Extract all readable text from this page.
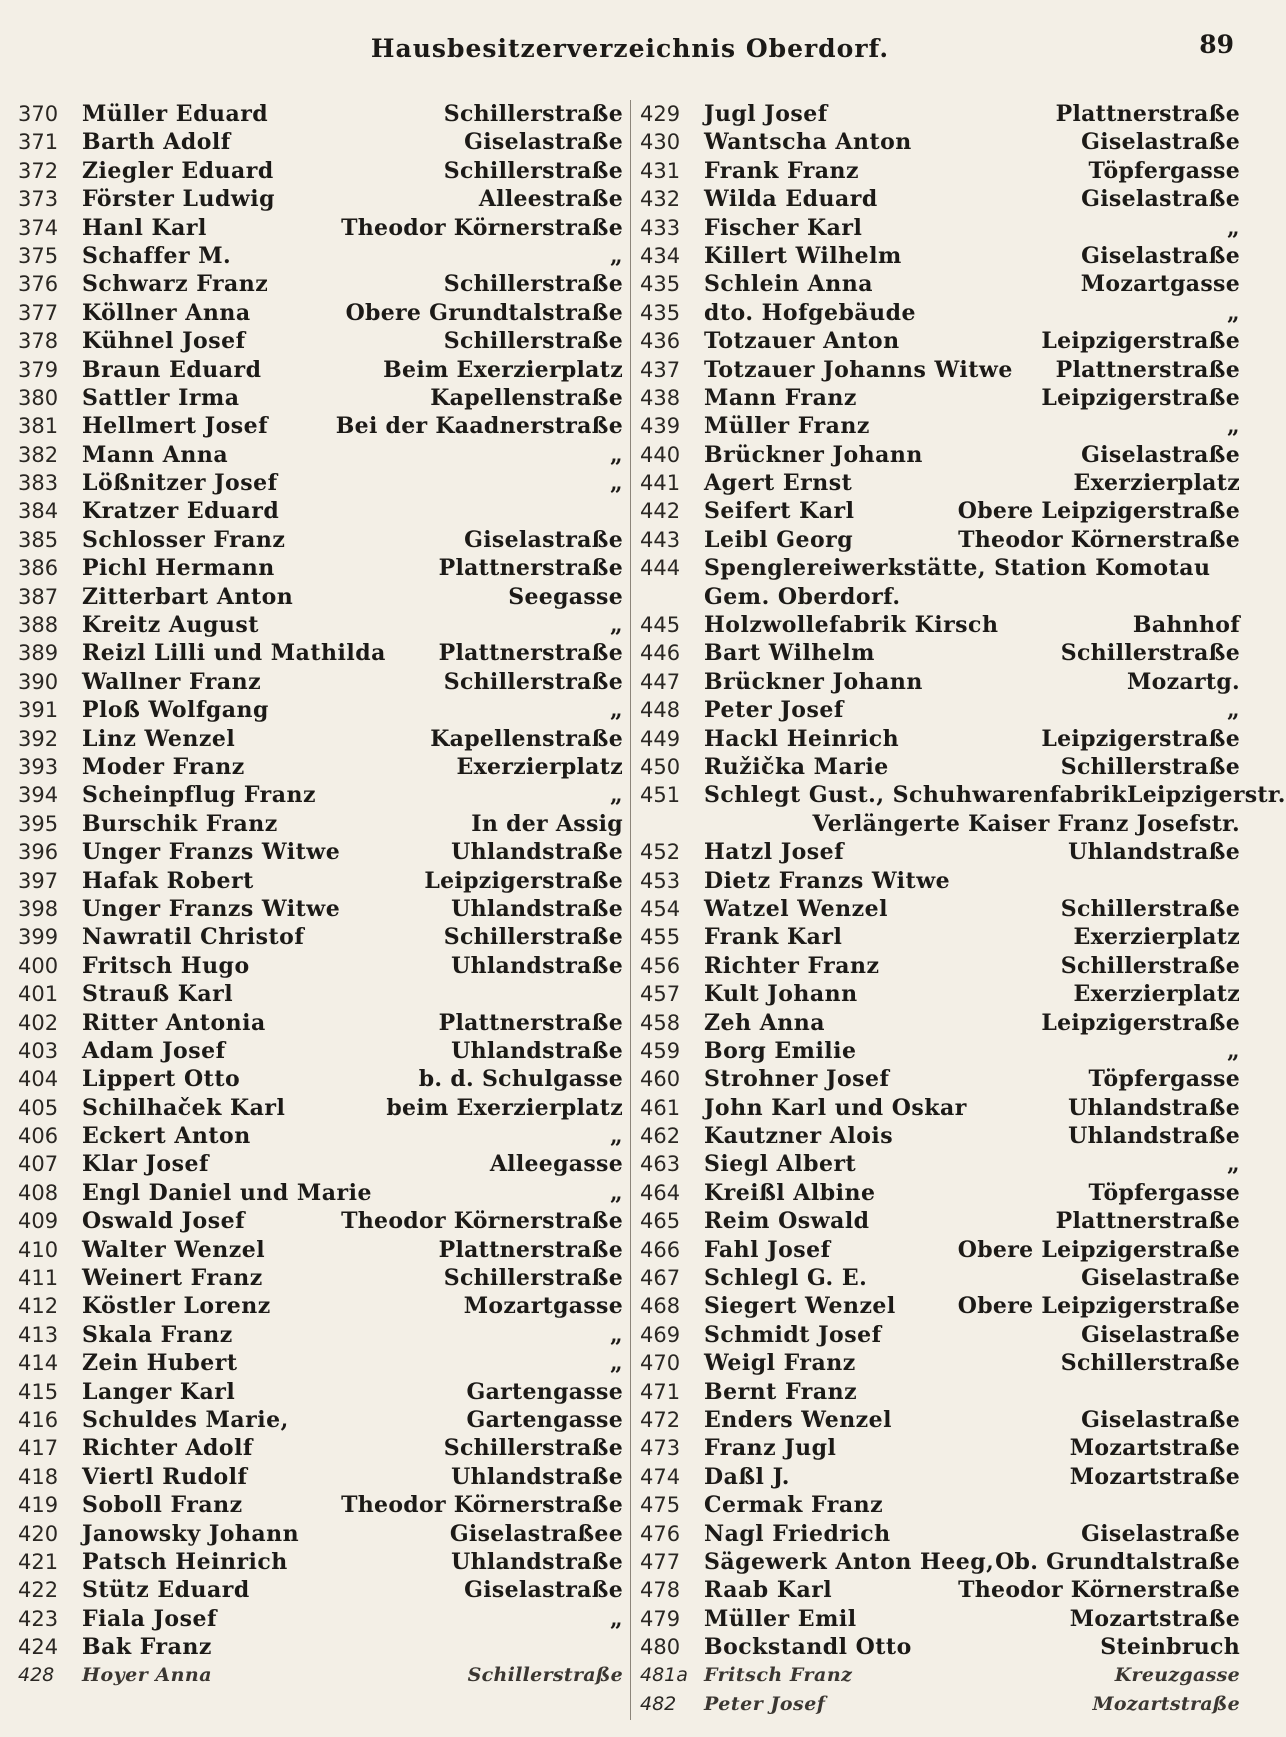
Hausbesitzerverzeichnis Oberdorf.	89
370	Müller Eduard	Schillerstraße
371	Barth Adolf	Giselastraße
372	Ziegler Eduard	Schillerstraße
373	Förster Ludwig	Alleestraße
374	Hanl Karl	Theodor Körnerstraße
375	Schaffer M.	„
376	Schwarz Franz	Schillerstraße
377	Köllner Anna	Obere Grundtalstraße
378	Kühnel Josef	Schillerstraße
379	Braun Eduard	Beim Exerzierplatz
380	Sattler Irma	Kapellenstraße
381	Hellmert Josef	Bei der Kaadnerstraße
382	Mann Anna	„
383	Lößnitzer Josef	„
384	Kratzer Eduard
385	Schlosser Franz	Giselastraße
386	Pichl Hermann	Plattnerstraße
387	Zitterbart Anton	Seegasse
388	Kreitz August	„
389	Reizl Lilli und Mathilda	Plattnerstraße
390	Wallner Franz	Schillerstraße
391	Ploß Wolfgang	„
392	Linz Wenzel	Kapellenstraße
393	Moder Franz	Exerzierplatz
394	Scheinpflug Franz	„
395	Burschik Franz	In der Assig
396	Unger Franzs Witwe	Uhlandstraße
397	Hafak Robert	Leipzigerstraße
398	Unger Franzs Witwe	Uhlandstraße
399	Nawratil Christof	Schillerstraße
400	Fritsch Hugo	Uhlandstraße
401	Strauß Karl
402	Ritter Antonia	Plattnerstraße
403	Adam Josef	Uhlandstraße
404	Lippert Otto	b. d. Schulgasse
405	Schilhaček Karl	beim Exerzierplatz
406	Eckert Anton	„
407	Klar Josef	Alleegasse
408	Engl Daniel und Marie	„
409	Oswald Josef	Theodor Körnerstraße
410	Walter Wenzel	Plattnerstraße
411	Weinert Franz	Schillerstraße
412	Köstler Lorenz	Mozartgasse
413	Skala Franz	„
414	Zein Hubert	„
415	Langer Karl	Gartengasse
416	Schuldes Marie,	Gartengasse
417	Richter Adolf	Schillerstraße
418	Viertl Rudolf	Uhlandstraße
419	Soboll Franz	Theodor Körnerstraße
420	Janowsky Johann	Giselastraßee
421	Patsch Heinrich	Uhlandstraße
422	Stütz Eduard	Giselastraße
423	Fiala Josef	„
424	Bak Franz
428	Hoyer Anna	Schillerstraße
429	Jugl Josef	Plattnerstraße
430	Wantscha Anton	Giselastraße
431	Frank Franz	Töpfergasse
432	Wilda Eduard	Giselastraße
433	Fischer Karl	„
434	Killert Wilhelm	Giselastraße
435	Schlein Anna	Mozartgasse
435	dto. Hofgebäude	„
436	Totzauer Anton	Leipzigerstraße
437	Totzauer Johanns Witwe	Plattnerstraße
438	Mann Franz	Leipzigerstraße
439	Müller Franz	„
440	Brückner Johann	Giselastraße
441	Agert Ernst	Exerzierplatz
442	Seifert Karl	Obere Leipzigerstraße
443	Leibl Georg	Theodor Körnerstraße
444	Spenglereiwerkstätte, Station Komotau
Gem. Oberdorf.
445	Holzwollefabrik Kirsch	Bahnhof
446	Bart Wilhelm	Schillerstraße
447	Brückner Johann	Mozartg.
448	Peter Josef	„
449	Hackl Heinrich	Leipzigerstraße
450	Ružička Marie	Schillerstraße
451	Schlegt Gust., Schuhwarenfabrik Leipzigerstr.
Verlängerte Kaiser Franz Josefstr.
452	Hatzl Josef	Uhlandstraße
453	Dietz Franzs Witwe
454	Watzel Wenzel	Schillerstraße
455	Frank Karl	Exerzierplatz
456	Richter Franz	Schillerstraße
457	Kult Johann	Exerzierplatz
458	Zeh Anna	Leipzigerstraße
459	Borg Emilie	„
460	Strohner Josef	Töpfergasse
461	John Karl und Oskar	Uhlandstraße
462	Kautzner Alois	Uhlandstraße
463	Siegl Albert	„
464	Kreißl Albine	Töpfergasse
465	Reim Oswald	Plattnerstraße
466	Fahl Josef	Obere Leipzigerstraße
467	Schlegl G. E.	Giselastraße
468	Siegert Wenzel	Obere Leipzigerstraße
469	Schmidt Josef	Giselastraße
470	Weigl Franz	Schillerstraße
471	Bernt Franz
472	Enders Wenzel	Giselastraße
473	Franz Jugl	Mozartstraße
474	Daßl J.	Mozartstraße
475	Cermak Franz
476	Nagl Friedrich	Giselastraße
477	Sägewerk Anton Heeg, Ob. Grundtalstraße
478	Raab Karl	Theodor Körnerstraße
479	Müller Emil	Mozartstraße
480	Bockstandl Otto	Steinbruch
481a Fritsch Franz	Kreuzgasse
482	Peter Josef	Mozartstraße
